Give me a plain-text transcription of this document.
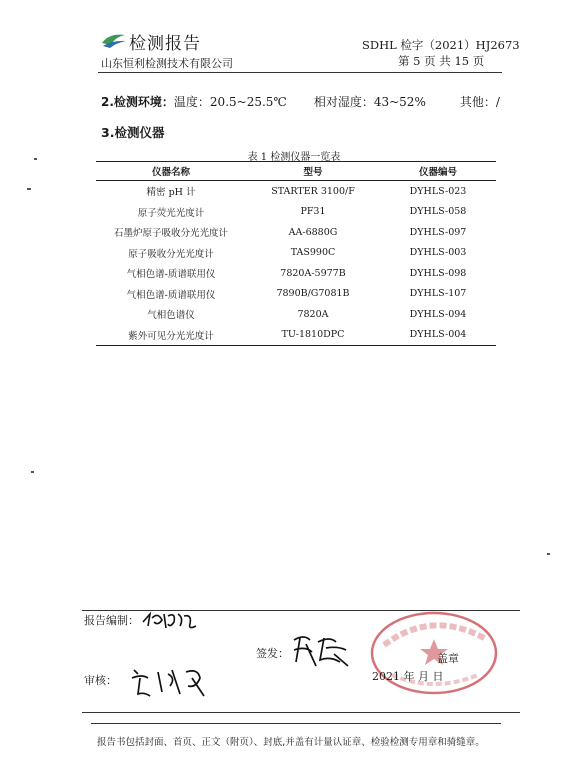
检测报告
山东恒利检测技术有限公司
SDHL 检字（2021）HJ2673
第 5 页 共 15 页
2.检测环境： 温度：20.5~25.5℃ 相对湿度：43~52%	其他：/
3.检测仪器
表 1 检测仪器一览表
仪器名称	型号	仪器编号
精密 pH 计	STARTER 3100/F	DYHLS-023
原子荧光光度计	PF31	DYHLS-058
石墨炉原子吸收分光光度计	AA-6880G	DYHLS-097
原子吸收分光光度计	TAS990C	DYHLS-003
气相色谱-质谱联用仪	7820A-5977B	DYHLS-098
气相色谱-质谱联用仪	7890B/G7081B	DYHLS-107
气相色谱仪	7820A	DYHLS-094
紫外可见分光光度计	TU-1810DPC	DYHLS-004
报告编制：
签发：	盖章
2021 年 月 日
审核：
报告书包括封面、首页、正文（附页）、封底,并盖有计量认证章、检验检测专用章和骑缝章。
